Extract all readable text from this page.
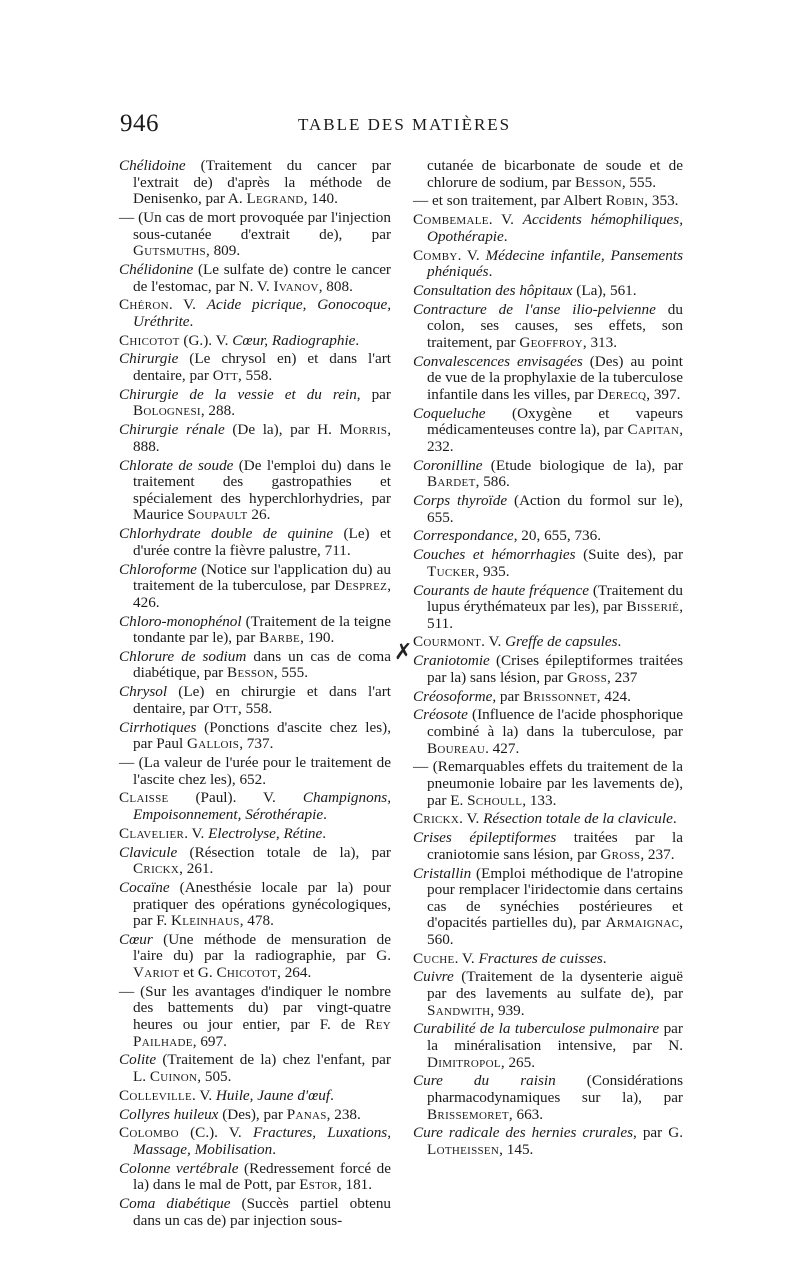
946	TABLE DES MATIÈRES

Chélidoine (Traitement du cancer par l'extrait de) d'après la méthode de Denisenko, par A. Legrand, 140.

— (Un cas de mort provoquée par l'injection sous-cutanée d'extrait de), par Gutsmuths, 809.

Chélidonine (Le sulfate de) contre le cancer de l'estomac, par N. V. Ivanov, 808.

Chéron. V. Acide picrique, Gonocoque, Uréthrite.

Chicotot (G.). V. Cœur, Radiographie.

Chirurgie (Le chrysol en) et dans l'art dentaire, par Ott, 558.

Chirurgie de la vessie et du rein, par Bolognesi, 288.

Chirurgie rénale (De la), par H. Morris, 888.

Chlorate de soude (De l'emploi du) dans le traitement des gastropathies et spécialement des hyperchlorhydries, par Maurice Soupault 26.

Chlorhydrate double de quinine (Le) et d'urée contre la fièvre palustre, 711.

Chloroforme (Notice sur l'application du) au traitement de la tuberculose, par Desprez, 426.

Chloro-monophénol (Traitement de la teigne tondante par le), par Barbe, 190.

Chlorure de sodium dans un cas de coma diabétique, par Besson, 555.

Chrysol (Le) en chirurgie et dans l'art dentaire, par Ott, 558.

Cirrhotiques (Ponctions d'ascite chez les), par Paul Gallois, 737.

— (La valeur de l'urée pour le traitement de l'ascite chez les), 652.

Claisse (Paul). V. Champignons, Empoisonnement, Sérothérapie.

Clavelier. V. Electrolyse, Rétine.

Clavicule (Résection totale de la), par Crickx, 261.

Cocaïne (Anesthésie locale par la) pour pratiquer des opérations gynécologiques, par F. Kleinhaus, 478.

Cœur (Une méthode de mensuration de l'aire du) par la radiographie, par G. Variot et G. Chicotot, 264.

— (Sur les avantages d'indiquer le nombre des battements du) par vingt-quatre heures ou jour entier, par F. de Rey Pailhade, 697.

Colite (Traitement de la) chez l'enfant, par L. Cuinon, 505.

Colleville. V. Huile, Jaune d'œuf.

Collyres huileux (Des), par Panas, 238.

Colombo (C.). V. Fractures, Luxations, Massage, Mobilisation.

Colonne vertébrale (Redressement forcé de la) dans le mal de Pott, par Estor, 181.

Coma diabétique (Succès partiel obtenu dans un cas de) par injection sous-

✗

cutanée de bicarbonate de soude et de chlorure de sodium, par Besson, 555.

— et son traitement, par Albert Robin, 353.

Combemale. V. Accidents hémophiliques, Opothérapie.

Comby. V. Médecine infantile, Pansements phéniqués.

Consultation des hôpitaux (La), 561.

Contracture de l'anse ilio-pelvienne du colon, ses causes, ses effets, son traitement, par Geoffroy, 313.

Convalescences envisagées (Des) au point de vue de la prophylaxie de la tuberculose infantile dans les villes, par Derecq, 397.

Coqueluche (Oxygène et vapeurs médicamenteuses contre la), par Capitan, 232.

Coronilline (Etude biologique de la), par Bardet, 586.

Corps thyroïde (Action du formol sur le), 655.

Correspondance, 20, 655, 736.

Couches et hémorrhagies (Suite des), par Tucker, 935.

Courants de haute fréquence (Traitement du lupus érythémateux par les), par Bisserié, 511.

Courmont. V. Greffe de capsules.

Craniotomie (Crises épileptiformes traitées par la) sans lésion, par Gross, 237

Créosoforme, par Brissonnet, 424.

Créosote (Influence de l'acide phosphorique combiné à la) dans la tuberculose, par Boureau. 427.

— (Remarquables effets du traitement de la pneumonie lobaire par les lavements de), par E. Schoull, 133.

Crickx. V. Résection totale de la clavicule.

Crises épileptiformes traitées par la craniotomie sans lésion, par Gross, 237.

Cristallin (Emploi méthodique de l'atropine pour remplacer l'iridectomie dans certains cas de synéchies postérieures et d'opacités partielles du), par Armaignac, 560.

Cuche. V. Fractures de cuisses.

Cuivre (Traitement de la dysenterie aiguë par des lavements au sulfate de), par Sandwith, 939.

Curabilité de la tuberculose pulmonaire par la minéralisation intensive, par N. Dimitropol, 265.

Cure du raisin (Considérations pharmacodynamiques sur la), par Brissemoret, 663.

Cure radicale des hernies crurales, par G. Lotheissen, 145.
